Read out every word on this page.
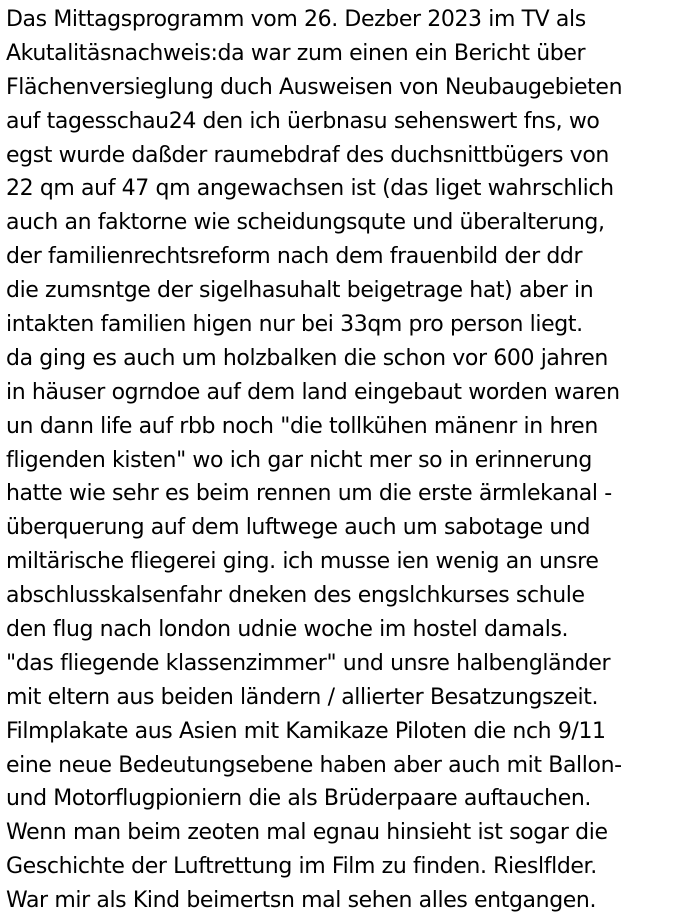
Das Mittagsprogramm vom 26. Dezber 2023 im TV als
Akutalitäsnachweis:da war zum einen ein Bericht über
Flächenversieglung duch Ausweisen von Neubaugebieten
auf tagesschau24 den ich üerbnasu sehenswert fns, wo
egst wurde daßder raumebdraf des duchsnittbügers von
22 qm auf 47 qm angewachsen ist (das liget wahrschlich
auch an faktorne wie scheidungsqute und überalterung,
der familienrechtsreform nach dem frauenbild der ddr
die zumsntge der sigelhasuhalt beigetrage hat) aber in
intakten familien higen nur bei 33qm pro person liegt.
da ging es auch um holzbalken die schon vor 600 jahren
in häuser ogrndoe auf dem land eingebaut worden waren
un dann life auf rbb noch "die tollkühen mänenr in hren
fligenden kisten" wo ich gar nicht mer so in erinnerung
hatte wie sehr es beim rennen um die erste ärmlekanal -
überquerung auf dem luftwege auch um sabotage und
miltärische fliegerei ging. ich musse ien wenig an unsre
abschlusskalsenfahr dneken des engslchkurses schule
den flug nach london udnie woche im hostel damals.
"das fliegende klassenzimmer" und unsre halbengländer
mit eltern aus beiden ländern / allierter Besatzungszeit.
Filmplakate aus Asien mit Kamikaze Piloten die nch 9/11
eine neue Bedeutungsebene haben aber auch mit Ballon-
und Motorflugpioniern die als Brüderpaare auftauchen.
Wenn man beim zeoten mal egnau hinsieht ist sogar die
Geschichte der Luftrettung im Film zu finden. Rieslflder.
War mir als Kind beimertsn mal sehen alles entgangen.
